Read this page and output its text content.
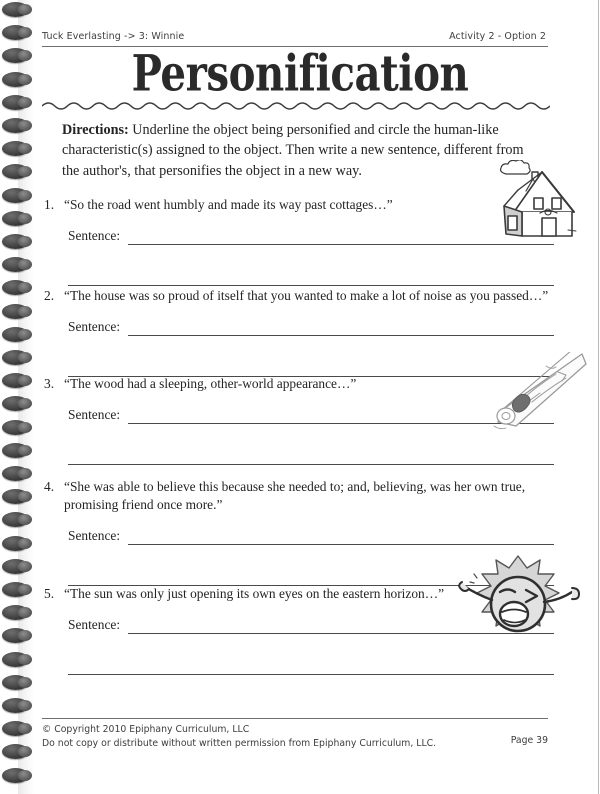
Tuck Everlasting -> 3: Winnie	Activity 2 - Option 2
Personification
Directions: Underline the object being personified and circle the human-like characteristic(s) assigned to the object. Then write a new sentence, different from the author's, that personifies the object in a new way.
1. “So the road went humbly and made its way past cottages…”
Sentence:
2. “The house was so proud of itself that you wanted to make a lot of noise as you passed…”
Sentence:
3. “The wood had a sleeping, other-world appearance…”
Sentence:
4. “She was able to believe this because she needed to; and, believing, was her own true, promising friend once more.”
Sentence:
5. “The sun was only just opening its own eyes on the eastern horizon…”
Sentence:
© Copyright 2010 Epiphany Curriculum, LLC
Do not copy or distribute without written permission from Epiphany Curriculum, LLC.	Page 39
